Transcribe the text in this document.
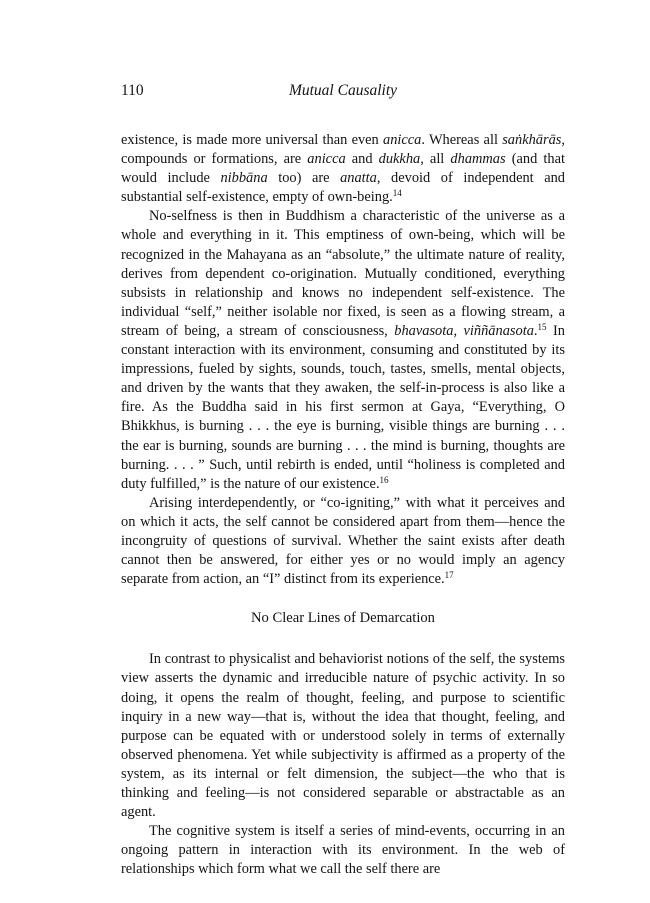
110	Mutual Causality

existence, is made more universal than even anicca. Whereas all saṅkhārās, compounds or formations, are anicca and dukkha, all dhammas (and that would include nibbāna too) are anatta, devoid of independent and substantial self-existence, empty of own-being.$^{14}$

No-selfness is then in Buddhism a characteristic of the universe as a whole and everything in it. This emptiness of own-being, which will be recognized in the Mahayana as an “absolute,” the ultimate nature of reality, derives from dependent co-origination. Mutually conditioned, everything subsists in relationship and knows no independent self-existence. The individual “self,” neither isolable nor fixed, is seen as a flowing stream, a stream of being, a stream of consciousness, bhavasota, viññānasota.$^{15}$ In constant interaction with its environment, consuming and constituted by its impressions, fueled by sights, sounds, touch, tastes, smells, mental objects, and driven by the wants that they awaken, the self-in-process is also like a fire. As the Buddha said in his first sermon at Gaya, “Everything, O Bhikkhus, is burning . . . the eye is burning, visible things are burning . . . the ear is burning, sounds are burning . . . the mind is burning, thoughts are burning. . . . ” Such, until rebirth is ended, until “holiness is completed and duty fulfilled,” is the nature of our existence.$^{16}$

Arising interdependently, or “co-igniting,” with what it perceives and on which it acts, the self cannot be considered apart from them—hence the incongruity of questions of survival. Whether the saint exists after death cannot then be answered, for either yes or no would imply an agency separate from action, an “I” distinct from its experience.$^{17}$

No Clear Lines of Demarcation

In contrast to physicalist and behaviorist notions of the self, the systems view asserts the dynamic and irreducible nature of psychic activity. In so doing, it opens the realm of thought, feeling, and purpose to scientific inquiry in a new way—that is, without the idea that thought, feeling, and purpose can be equated with or understood solely in terms of externally observed phenomena. Yet while subjectivity is affirmed as a property of the system, as its internal or felt dimension, the subject—the who that is thinking and feeling—is not considered separable or abstractable as an agent.

The cognitive system is itself a series of mind-events, occurring in an ongoing pattern in interaction with its environment. In the web of relationships which form what we call the self there are
